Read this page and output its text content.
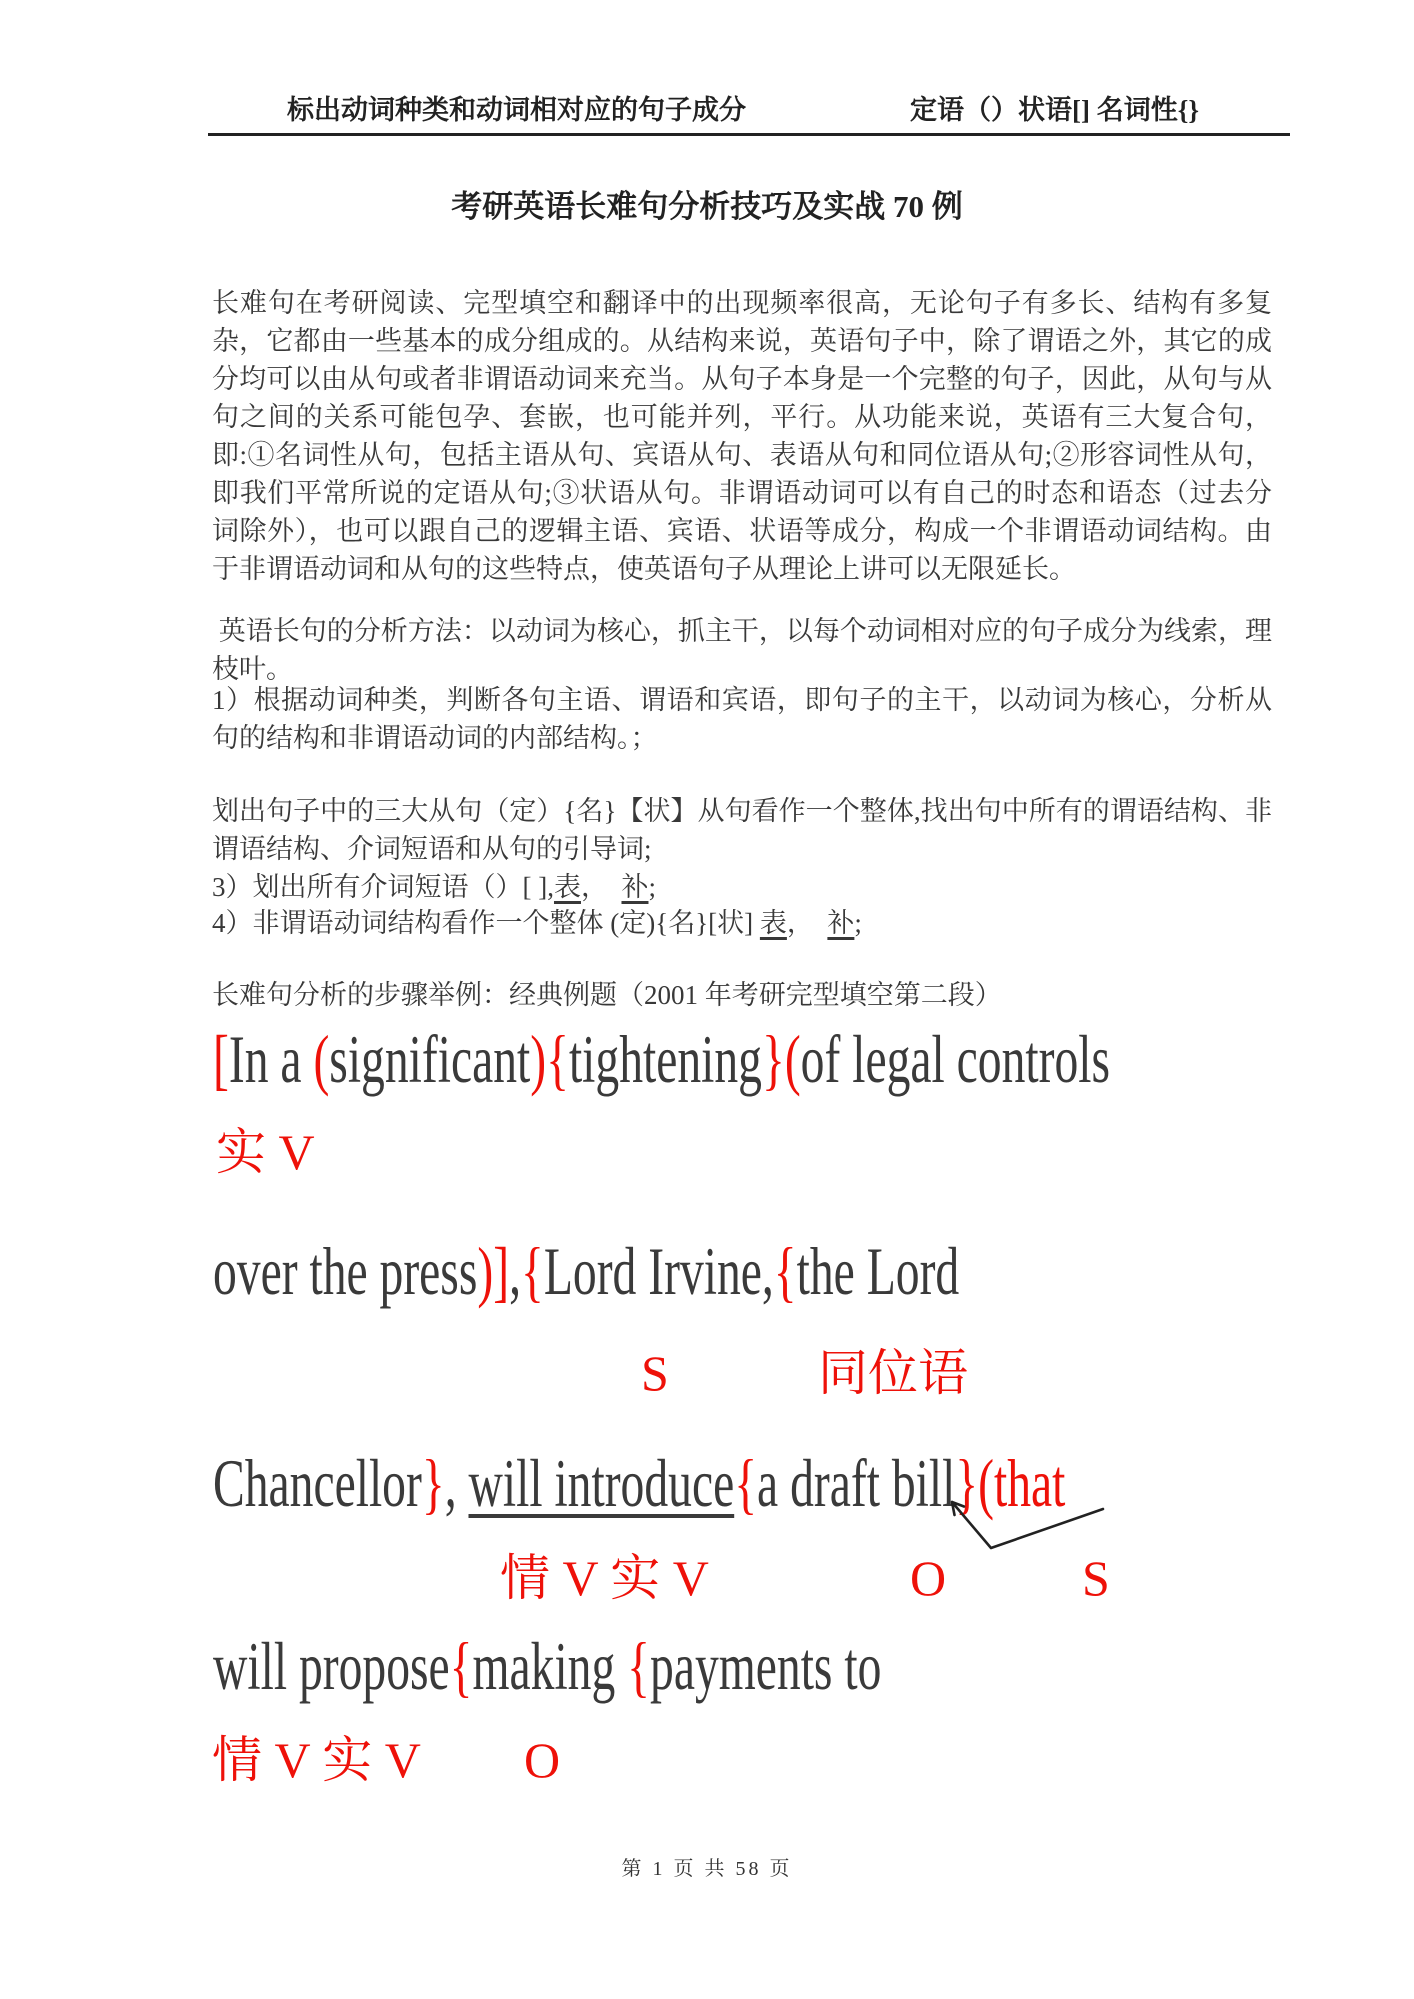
标出动词种类和动词相对应的句子成分	定语（）状语[] 名词性{}
考研英语长难句分析技巧及实战 70 例

长难句在考研阅读、完型填空和翻译中的出现频率很高，无论句子有多长、结构有多复杂，它都由一些基本的成分组成的。从结构来说，英语句子中，除了谓语之外，其它的成分均可以由从句或者非谓语动词来充当。从句子本身是一个完整的句子，因此，从句与从句之间的关系可能包孕、套嵌，也可能并列，平行。从功能来说，英语有三大复合句，即:①名词性从句，包括主语从句、宾语从句、表语从句和同位语从句;②形容词性从句，即我们平常所说的定语从句;③状语从句。非谓语动词可以有自己的时态和语态（过去分词除外），也可以跟自己的逻辑主语、宾语、状语等成分，构成一个非谓语动词结构。由于非谓语动词和从句的这些特点，使英语句子从理论上讲可以无限延长。

英语长句的分析方法：以动词为核心，抓主干，以每个动词相对应的句子成分为线索，理枝叶。

1）根据动词种类，判断各句主语、谓语和宾语，即句子的主干，以动词为核心，分析从句的结构和非谓语动词的内部结构。；

划出句子中的三大从句（定）{名}【状】从句看作一个整体,找出句中所有的谓语结构、非谓语结构、介词短语和从句的引导词;

3）划出所有介词短语（）[ ],表，  补;

4）非谓语动词结构看作一个整体 (定){名}[状] 表，  补;

长难句分析的步骤举例：经典例题（2001 年考研完型填空第二段）

[In a (significant){tightening}(of legal controls
实 V
over the press)],{Lord Irvine,{the Lord
S	同位语
Chancellor}, will introduce{a draft bill}(that
情 V 实 V	O	S
will propose{making {payments to
情 V 实 V O
第 1 页 共 58 页
